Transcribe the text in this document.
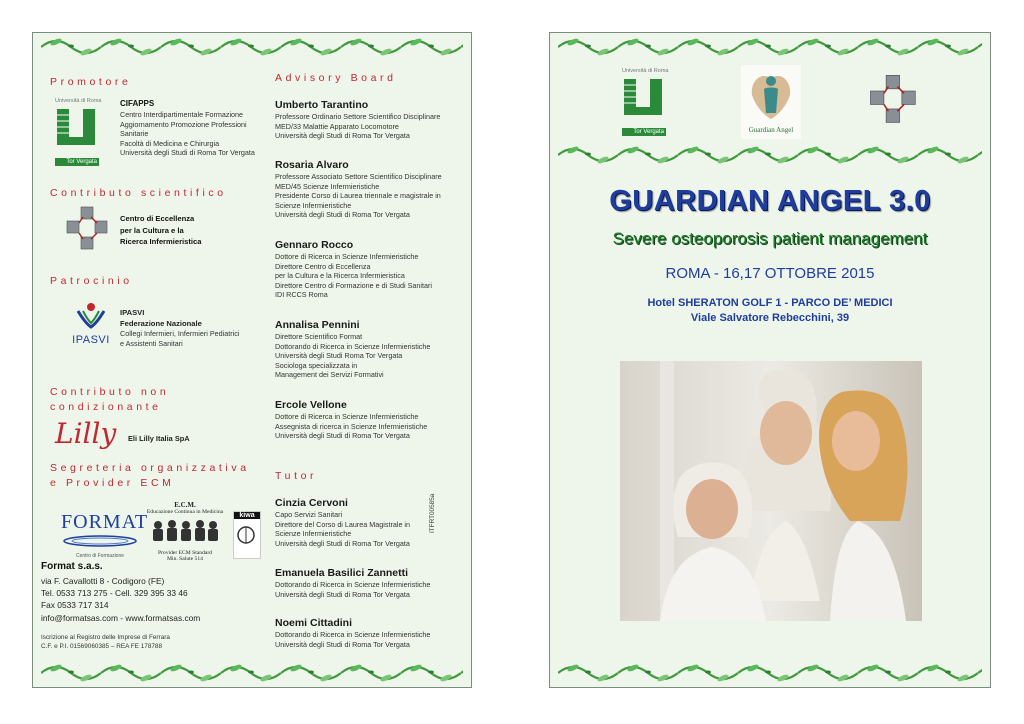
Promotore
Università di Roma
Tor Vergata
CIFAPPS
Centro Interdipartimentale Formazione
Aggiornamento Promozione Professioni
Sanitarie
Facoltà di Medicina e Chirurgia
Università degli Studi di Roma Tor Vergata
Contributo scientifico
Centro di Eccellenza
per la Cultura e la
Ricerca Infermieristica
Patrocinio
IPASVI
IPASVI
Federazione Nazionale
Collegi Infermieri, Infermieri Pediatrici
e Assistenti Sanitari
Contributo non
condizionante
Lilly Eli Lilly Italia SpA
Segreteria organizzativa
e Provider ECM
FORMAT
Centro di Formazione
E.C.M.
Educazione Continua in Medicina
Provider ECM Standard
Min. Salute 514
kiwa
Format s.a.s.
via F. Cavallotti 8 - Codigoro (FE)
Tel. 0533 713 275 - Cell. 329 395 33 46
Fax 0533 717 314
info@formatsas.com - www.formatsas.com
Iscrizione al Registro delle Imprese di Ferrara
C.F. e P.I. 01569060385 – REA FE 178788
Advisory Board
Umberto Tarantino
Professore Ordinario Settore Scientifico Disciplinare
MED/33 Malattie Apparato Locomotore
Università degli Studi di Roma Tor Vergata
Rosaria Alvaro
Professore Associato Settore Scientifico Disciplinare
MED/45 Scienze Infermieristiche
Presidente Corso di Laurea triennale e magistrale in
Scienze Infermieristiche
Università degli Studi di Roma Tor Vergata
Gennaro Rocco
Dottore di Ricerca in Scienze Infermieristiche
Direttore Centro di Eccellenza
per la Cultura e la Ricerca Infermieristica
Direttore Centro di Formazione e di Studi Sanitari
IDI RCCS Roma
Annalisa Pennini
Direttore Scientifico Format
Dottorando di Ricerca in Scienze Infermieristiche
Università degli Studi Roma Tor Vergata
Sociologa specializzata in
Management dei Servizi Formativi
Ercole Vellone
Dottore di Ricerca in Scienze Infermieristiche
Assegnista di ricerca in Scienze Infermieristiche
Università degli Studi di Roma Tor Vergata
Tutor
Cinzia Cervoni
Capo Servizi Sanitari
Direttore del Corso di Laurea Magistrale in
Scienze Infermieristiche
Università degli Studi di Roma Tor Vergata
Emanuela Basilici Zannetti
Dottorando di Ricerca in Scienze Infermieristiche
Università degli Studi di Roma Tor Vergata
Noemi Cittadini
Dottorando di Ricerca in Scienze Infermieristiche
Università degli Studi di Roma Tor Vergata
ITFRT00585a
Università di Roma
Tor Vergata	Guardian Angel
GUARDIAN ANGEL 3.0
Severe osteoporosis patient management
ROMA - 16,17 OTTOBRE 2015
Hotel SHERATON GOLF 1 - PARCO DE’ MEDICI
Viale Salvatore Rebecchini, 39
